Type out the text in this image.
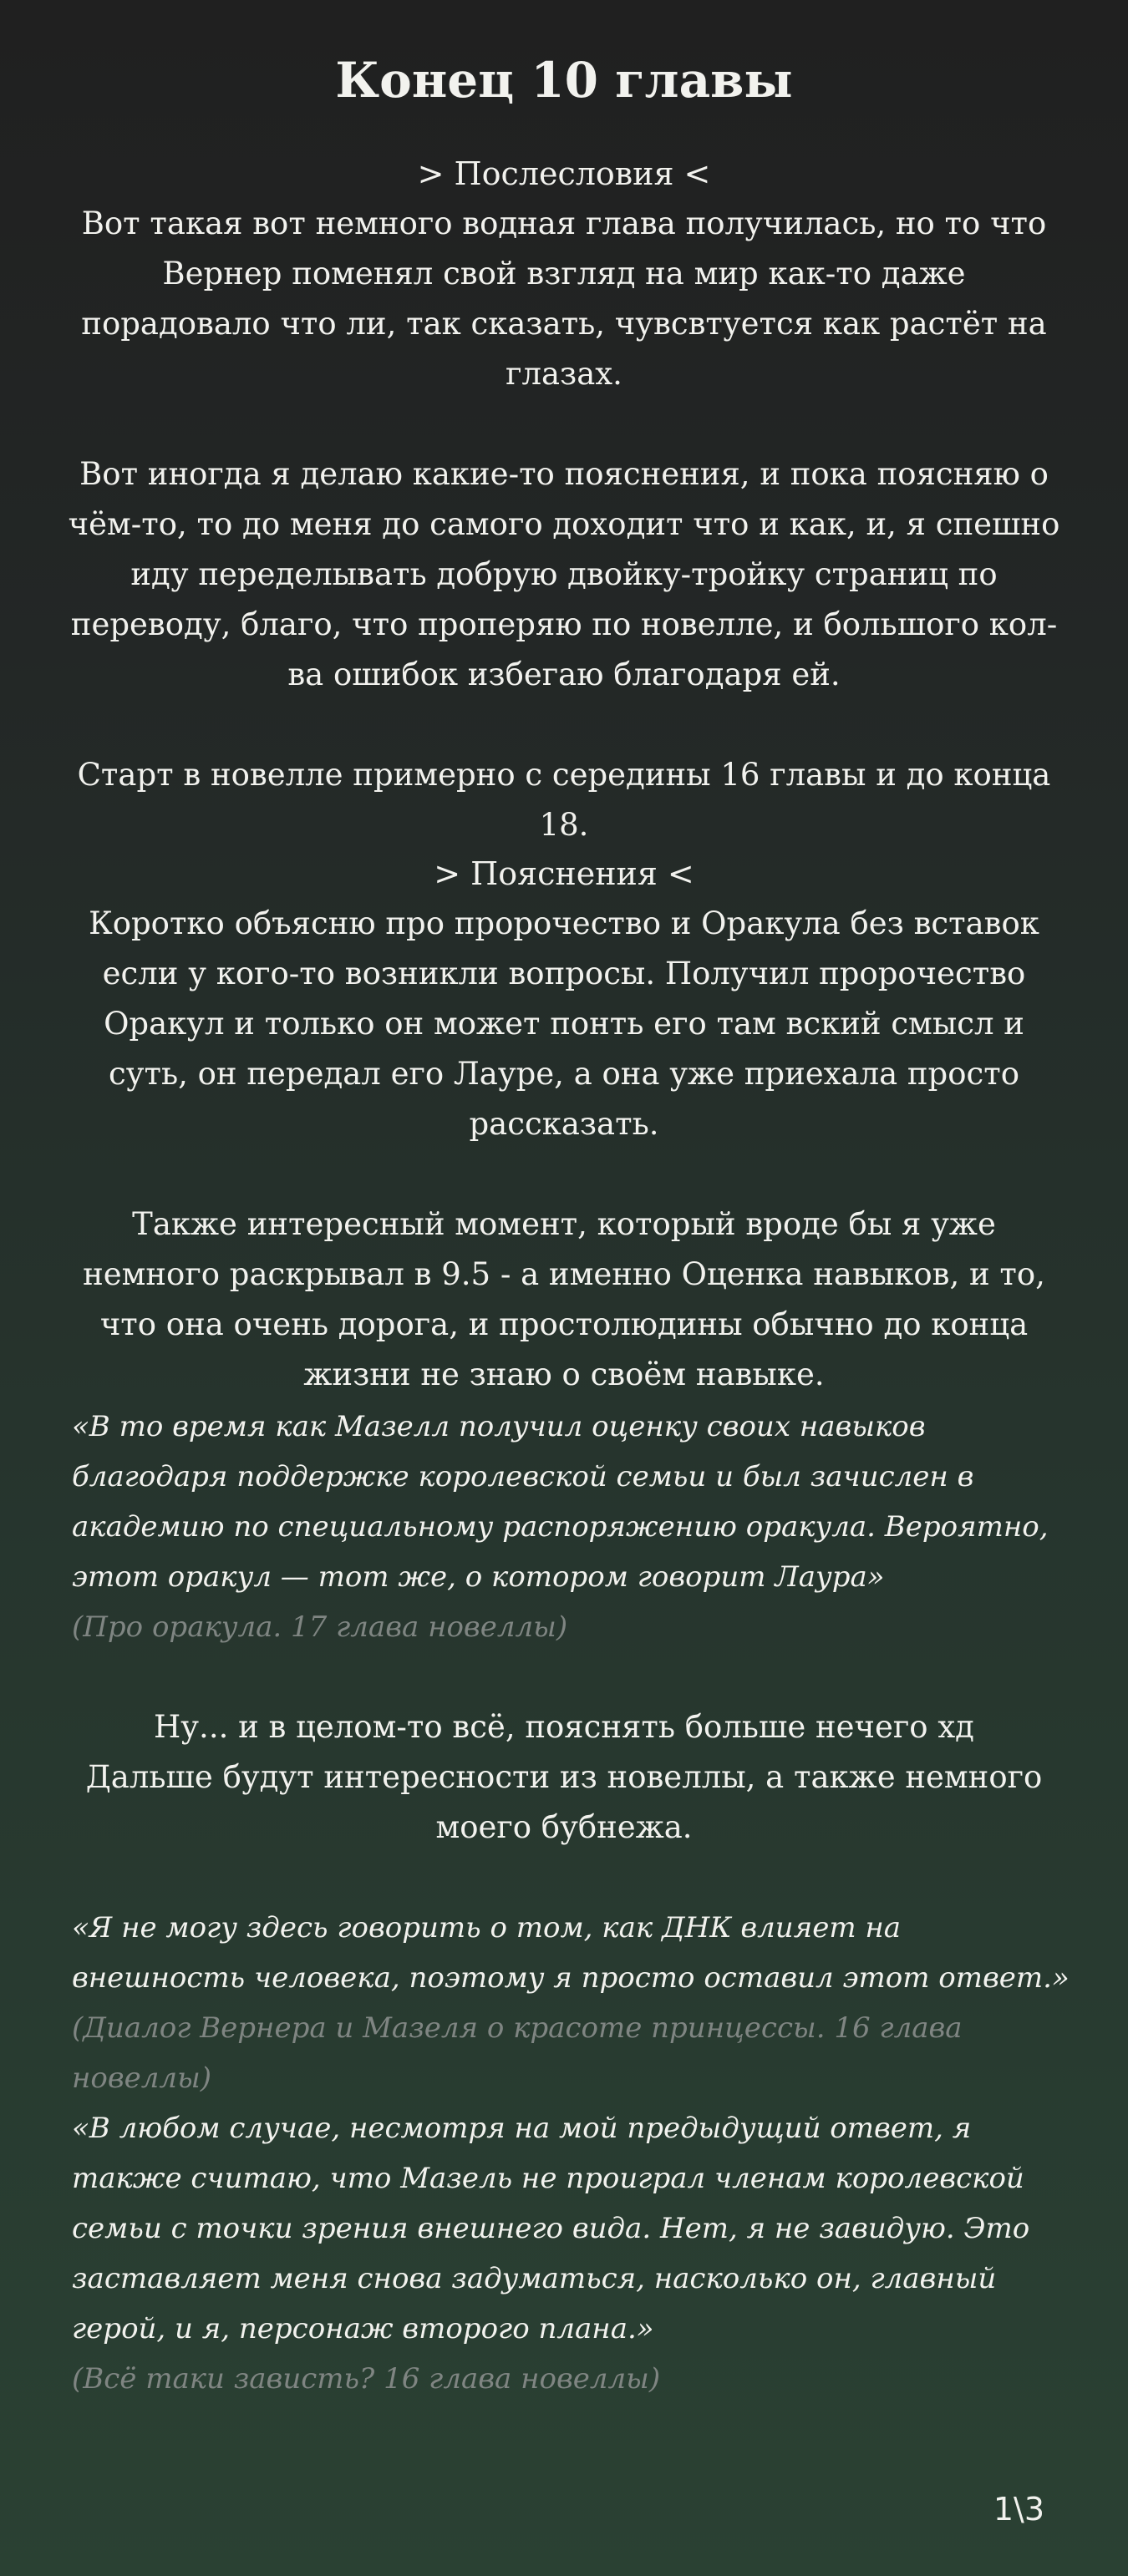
Конец 10 главы

> Послесловия <

Вот такая вот немного водная глава получилась, но то что Вернер поменял свой взгляд на мир как-то даже порадовало что ли, так сказать, чувсвтуется как растёт на глазах.

Вот иногда я делаю какие-то пояснения, и пока поясняю о чём-то, то до меня до самого доходит что и как, и, я спешно иду переделывать добрую двойку-тройку страниц по переводу, благо, что проперяю по новелле, и большого кол-ва ошибок избегаю благодаря ей.

Старт в новелле примерно с середины 16 главы и до конца 18.

> Пояснения <

Коротко объясню про пророчество и Оракула без вставок если у кого-то возникли вопросы. Получил пророчество Оракул и только он может понть его там вский смысл и суть, он передал его Лауре, а она уже приехала просто рассказать.

Также интересный момент, который вроде бы я уже немного раскрывал в 9.5 - а именно Оценка навыков, и то, что она очень дорога, и простолюдины обычно до конца жизни не знаю о своём навыке.

«В то время как Мазелл получил оценку своих навыков благодаря поддержке королевской семьи и был зачислен в академию по специальному распоряжению оракула. Вероятно, этот оракул — тот же, о котором говорит Лаура»

(Про оракула. 17 глава новеллы)

Ну... и в целом-то всё, пояснять больше нечего хд

Дальше будут интересности из новеллы, а также немного моего бубнежа.

«Я не могу здесь говорить о том, как ДНК влияет на внешность человека, поэтому я просто оставил этот ответ.»

(Диалог Вернера и Мазеля о красоте принцессы. 16 глава новеллы)

«В любом случае, несмотря на мой предыдущий ответ, я также считаю, что Мазель не проиграл членам королевской семьи с точки зрения внешнего вида. Нет, я не завидую. Это заставляет меня снова задуматься, насколько он, главный герой, и я, персонаж второго плана.»

(Всё таки зависть? 16 глава новеллы)

1\3
